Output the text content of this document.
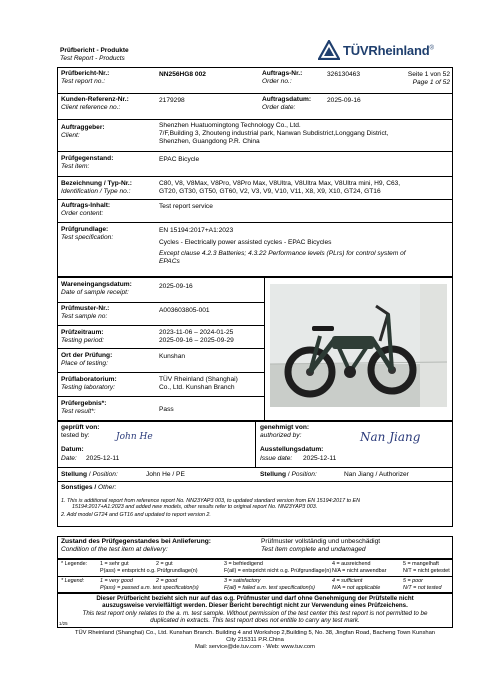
Prüfbericht - Produkte
Test Report - Products
TÜVRheinland®
Prüfbericht-Nr.:
Test report no.:
NN256HG8 002	Auftrags-Nr.:
Order no.:
326130463	Seite 1 von 52
Page 1 of 52
Kunden-Referenz-Nr.:
Client reference no.:
2179298	Auftragsdatum:
Order date:
2025-09-16
Auftraggeber:
Client:
Shenzhen Huatuomingtong Technology Co., Ltd.
7/F,Building 3, Zhouteng industrial park, Nanwan Subdistrict,Longgang District,
Shenzhen, Guangdong P.R. China
Prüfgegenstand:
Test item:
EPAC Bicycle
Bezeichnung / Typ-Nr.:
Identification / Type no.:
C80, V8, V8Max, V8Pro, V8Pro Max, V8Ultra, V8Ultra Max, V8Ultra mini, H9, C63,
GT20, GT30, GT50, GT60, V2, V3, V9, V10, V11, X8, X9, X10, GT24, GT16
Auftrags-Inhalt:
Order content:
Test report service
Prüfgrundlage:
Test specification:
EN 15194:2017+A1:2023
Cycles - Electrically power assisted cycles - EPAC Bicycles
Except clause 4.2.3 Batteries; 4.3.22 Performance levels (PLrs) for control system of
EPACs
Wareneingangsdatum:
Date of sample receipt:
2025-09-16
Prüfmuster-Nr.:
Test sample no:
A003603805-001
Prüfzeitraum:
Testing period:
2023-11-06 – 2024-01-25
2025-09-16 – 2025-09-29
Ort der Prüfung:
Place of testing:
Kunshan
Prüflaboratorium:
Testing laboratory:
TÜV Rheinland (Shanghai)
Co., Ltd. Kunshan Branch
Prüfergebnis*:
Test result*:	Pass
geprüft von:
tested by:	John He
Datum:
Date: 2025-12-11
genehmigt von:
authorized by:	Nan Jiang
Ausstellungsdatum:
Issue date: 2025-12-11
Stellung / Position:	John He / PE	Stellung / Position:	Nan Jiang / Authorizer
Sonstiges / Other:
1. This is additional report from reference report No. NN23YAP3 003, to updated standard version from EN 15194:2017 to EN
15194:2017+A1:2023 and added new models, other results refer to original report No. NN23YAP3 003.
2. Add model GT24 and GT16 and updated to report version 2.
Zustand des Prüfgegenstandes bei Anlieferung:
Condition of the test item at delivery:
Prüfmuster vollständig und unbeschädigt
Test item complete and undamaged
* Legende: 1 = sehr gut	2 = gut	3 = befriedigend	4 = ausreichend	5 = mangelhaft
P(ass) = entspricht o.g. Prüfgrundlage(n)	F(ail) = entspricht nicht o.g. Prüfgrundlage(n) N/A = nicht anwendbar	N/T = nicht getestet
* Legend:	1 = very good	2 = good	3 = satisfactory	4 = sufficient	5 = poor
P(ass) = passed a.m. test specification(s)	F(ail) = failed a.m. test specification(s)	N/A = not applicable	N/T = not tested
Dieser Prüfbericht bezieht sich nur auf das o.g. Prüfmuster und darf ohne Genehmigung der Prüfstelle nicht
auszugsweise vervielfältigt werden. Dieser Bericht berechtigt nicht zur Verwendung eines Prüfzeichens.
This test report only relates to the a. m. test sample. Without permission of the test center this test report is not permitted to be
duplicated in extracts. This test report does not entitle to carry any test mark.
1/25
TÜV Rheinland (Shanghai) Co., Ltd. Kunshan Branch. Building 4 and Workshop 2,Building 5, No. 38, Jingfan Road, Bacheng Town Kunshan
City 215311 P.R.China
Mail: service@de.tuv.com · Web: www.tuv.com
